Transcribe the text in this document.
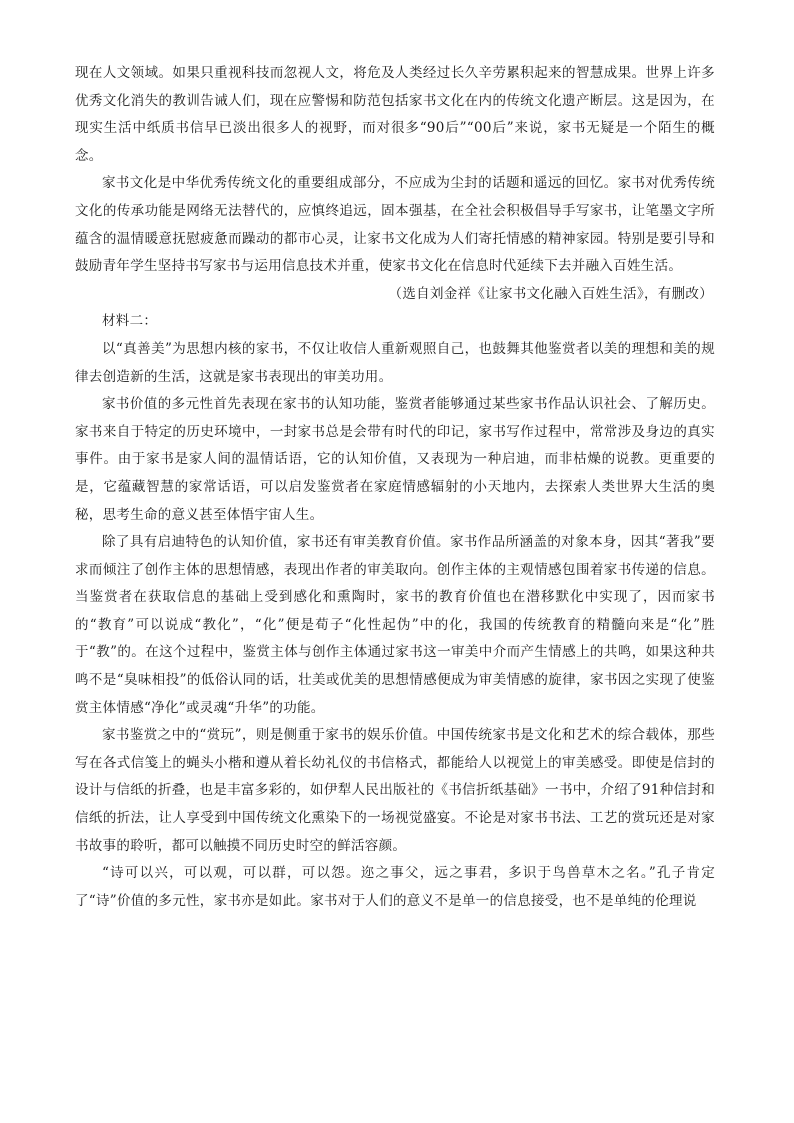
现在人文领域。如果只重视科技而忽视人文，将危及人类经过长久辛劳累积起来的智慧成果。世界上许多优秀文化消失的教训告诫人们，现在应警惕和防范包括家书文化在内的传统文化遗产断层。这是因为，在现实生活中纸质书信早已淡出很多人的视野，而对很多“90后”“00后”来说，家书无疑是一个陌生的概念。

家书文化是中华优秀传统文化的重要组成部分，不应成为尘封的话题和遥远的回忆。家书对优秀传统文化的传承功能是网络无法替代的，应慎终追远，固本强基，在全社会积极倡导手写家书，让笔墨文字所蕴含的温情暖意抚慰疲惫而躁动的都市心灵，让家书文化成为人们寄托情感的精神家园。特别是要引导和鼓励青年学生坚持书写家书与运用信息技术并重，使家书文化在信息时代延续下去并融入百姓生活。

（选自刘金祥《让家书文化融入百姓生活》，有删改）

材料二：

以“真善美”为思想内核的家书，不仅让收信人重新观照自己，也鼓舞其他鉴赏者以美的理想和美的规律去创造新的生活，这就是家书表现出的审美功用。

家书价值的多元性首先表现在家书的认知功能，鉴赏者能够通过某些家书作品认识社会、了解历史。家书来自于特定的历史环境中，一封家书总是会带有时代的印记，家书写作过程中，常常涉及身边的真实事件。由于家书是家人间的温情话语，它的认知价值，又表现为一种启迪，而非枯燥的说教。更重要的是，它蕴藏智慧的家常话语，可以启发鉴赏者在家庭情感辐射的小天地内，去探索人类世界大生活的奥秘，思考生命的意义甚至体悟宇宙人生。

除了具有启迪特色的认知价值，家书还有审美教育价值。家书作品所涵盖的对象本身，因其“著我”要求而倾注了创作主体的思想情感，表现出作者的审美取向。创作主体的主观情感包围着家书传递的信息。当鉴赏者在获取信息的基础上受到感化和熏陶时，家书的教育价值也在潜移默化中实现了，因而家书的“教育”可以说成“教化”，“化”便是荀子“化性起伪”中的化，我国的传统教育的精髓向来是“化”胜于“教”的。在这个过程中，鉴赏主体与创作主体通过家书这一审美中介而产生情感上的共鸣，如果这种共鸣不是“臭味相投”的低俗认同的话，壮美或优美的思想情感便成为审美情感的旋律，家书因之实现了使鉴赏主体情感“净化”或灵魂“升华”的功能。

家书鉴赏之中的“赏玩”，则是侧重于家书的娱乐价值。中国传统家书是文化和艺术的综合载体，那些写在各式信笺上的蝇头小楷和遵从着长幼礼仪的书信格式，都能给人以视觉上的审美感受。即使是信封的设计与信纸的折叠，也是丰富多彩的，如伊犁人民出版社的《书信折纸基础》一书中，介绍了91种信封和信纸的折法，让人享受到中国传统文化熏染下的一场视觉盛宴。不论是对家书书法、工艺的赏玩还是对家书故事的聆听，都可以触摸不同历史时空的鲜活容颜。

“诗可以兴，可以观，可以群，可以怨。迩之事父，远之事君，多识于鸟兽草木之名。”孔子肯定了“诗”价值的多元性，家书亦是如此。家书对于人们的意义不是单一的信息接受，也不是单纯的伦理说
